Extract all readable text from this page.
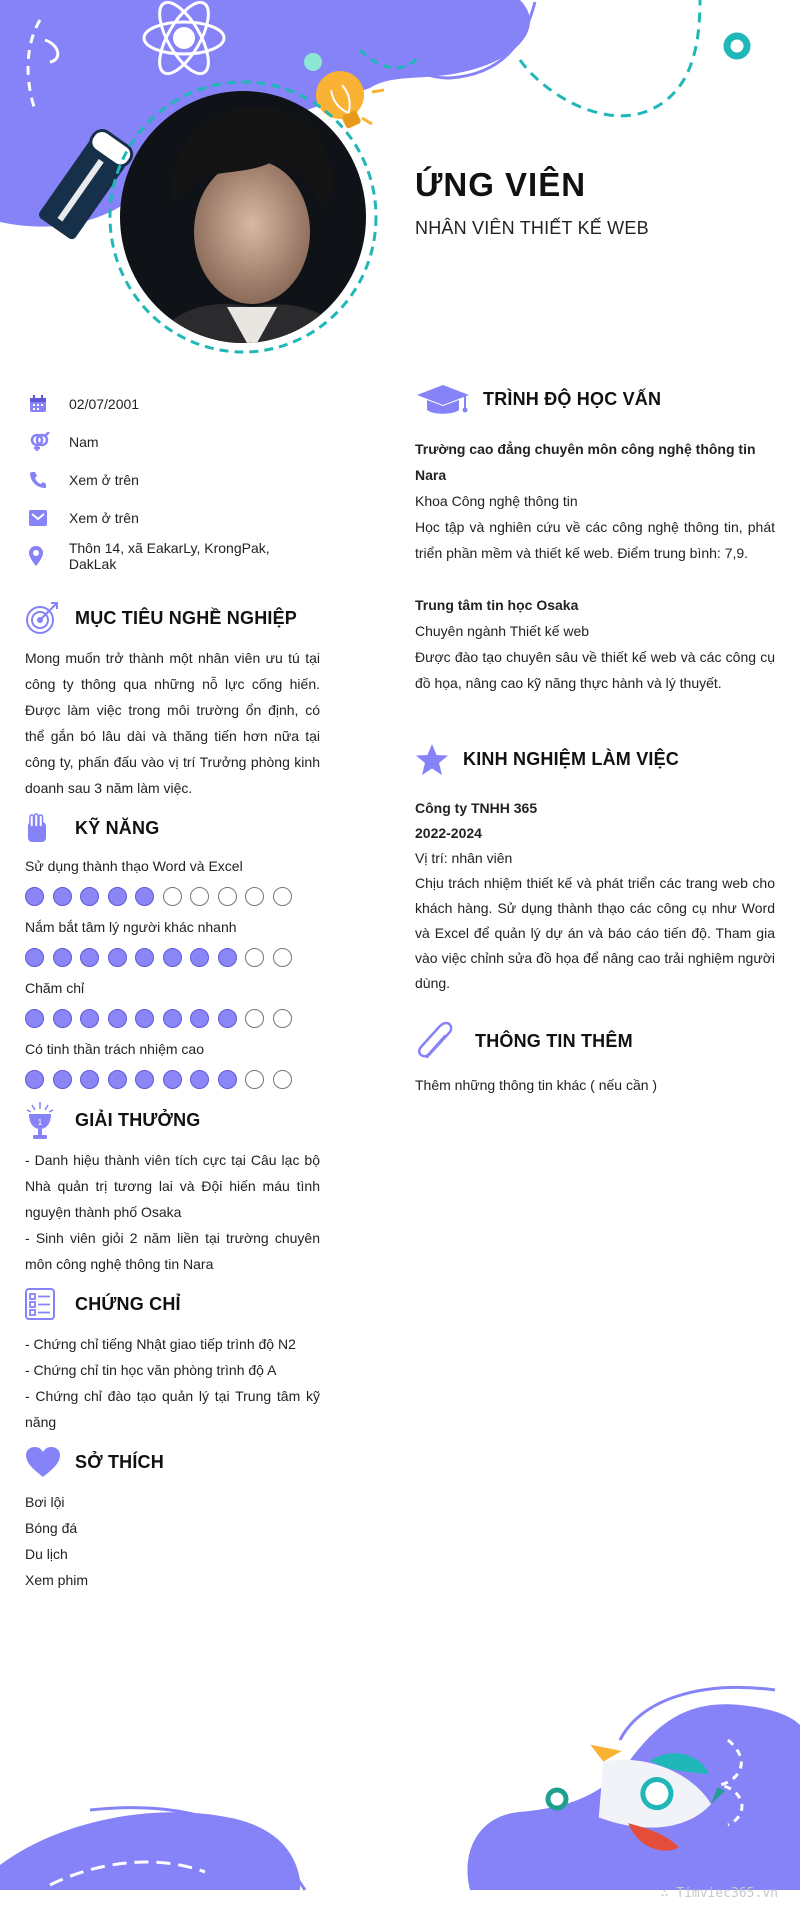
ỨNG VIÊN
NHÂN VIÊN THIẾT KẾ WEB
02/07/2001
Nam
Xem ở trên
Xem ở trên
Thôn 14, xã EakarLy, KrongPak, DakLak
MỤC TIÊU NGHỀ NGHIỆP

Mong muốn trở thành một nhân viên ưu tú tại công ty thông qua những nỗ lực cống hiến. Được làm việc trong môi trường ổn định, có thể gắn bó lâu dài và thăng tiến hơn nữa tại công ty, phấn đấu vào vị trí Trưởng phòng kinh doanh sau 3 năm làm việc.

KỸ NĂNG
Sử dụng thành thạo Word và Excel
Nắm bắt tâm lý người khác nhanh
Chăm chỉ
Có tinh thần trách nhiệm cao
1 GIẢI THƯỞNG
- Danh hiệu thành viên tích cực tại Câu lạc bộ Nhà quản trị tương lai và Đội hiến máu tình nguyện thành phố Osaka
- Sinh viên giỏi 2 năm liền tại trường chuyên môn công nghệ thông tin Nara
CHỨNG CHỈ
- Chứng chỉ tiếng Nhật giao tiếp trình độ N2
- Chứng chỉ tin học văn phòng trình độ A
- Chứng chỉ đào tạo quản lý tại Trung tâm kỹ năng
SỞ THÍCH
Bơi lội
Bóng đá
Du lịch
Xem phim
TRÌNH ĐỘ HỌC VẤN
Trường cao đẳng chuyên môn công nghệ thông tin Nara
Khoa Công nghệ thông tin
Học tập và nghiên cứu về các công nghệ thông tin, phát triển phần mềm và thiết kế web. Điểm trung bình: 7,9.
Trung tâm tin học Osaka
Chuyên ngành Thiết kế web
Được đào tạo chuyên sâu về thiết kế web và các công cụ đồ họa, nâng cao kỹ năng thực hành và lý thuyết.
KINH NGHIỆM LÀM VIỆC
Công ty TNHH 365
2022-2024
Vị trí: nhân viên
Chịu trách nhiệm thiết kế và phát triển các trang web cho khách hàng. Sử dụng thành thạo các công cụ như Word và Excel để quản lý dự án và báo cáo tiến độ. Tham gia vào việc chỉnh sửa đồ họa để nâng cao trải nghiệm người dùng.
THÔNG TIN THÊM
Thêm những thông tin khác ( nếu cần )
∴ Timviec365.vn
